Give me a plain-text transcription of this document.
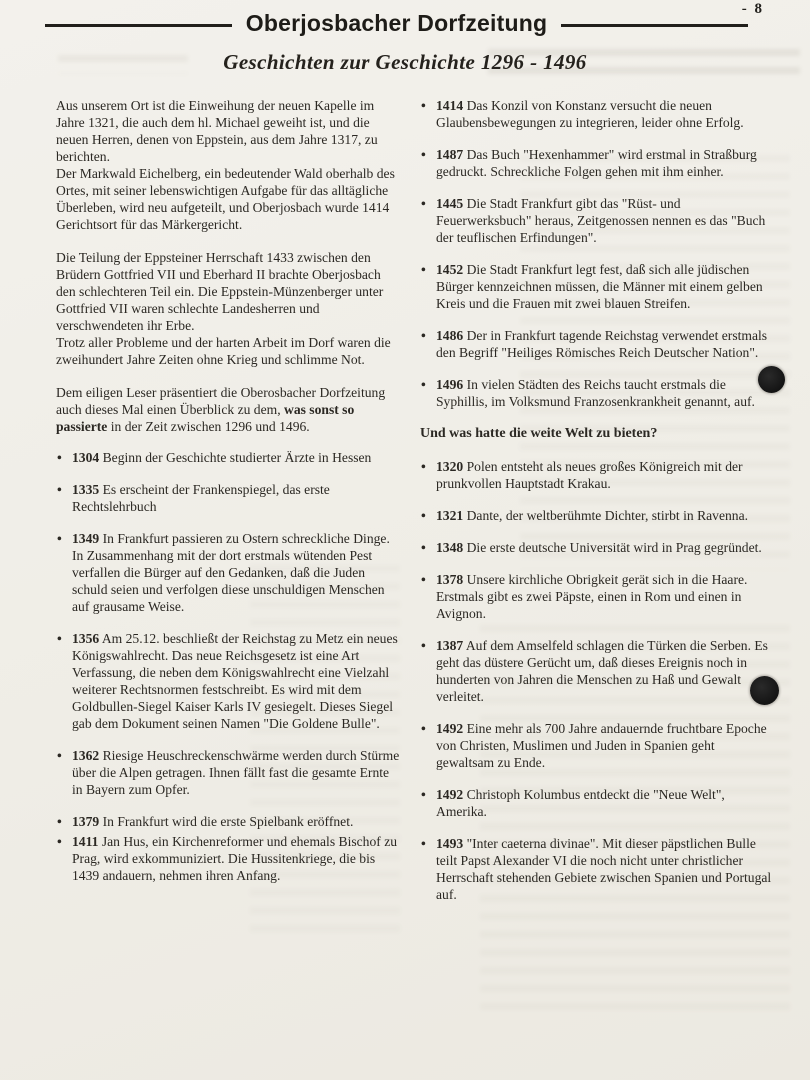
- 8
Oberjosbacher Dorfzeitung
Geschichten zur Geschichte 1296 - 1496

Aus unserem Ort ist die Einweihung der neuen Kapelle im Jahre 1321, die auch dem hl. Michael geweiht ist, und die neuen Herren, denen von Eppstein, aus dem Jahre 1317, zu berichten.

Der Markwald Eichelberg, ein bedeutender Wald oberhalb des Ortes, mit seiner lebenswichtigen Aufgabe für das alltägliche Überleben, wird neu aufgeteilt, und Oberjosbach wurde 1414 Gerichtsort für das Märkergericht.

Die Teilung der Eppsteiner Herrschaft 1433 zwischen den Brüdern Gottfried VII und Eberhard II brachte Oberjosbach den schlechteren Teil ein. Die Eppstein-Münzenberger unter Gottfried VII waren schlechte Landesherren und verschwendeten ihr Erbe.

Trotz aller Probleme und der harten Arbeit im Dorf waren die zweihundert Jahre Zeiten ohne Krieg und schlimme Not.

Dem eiligen Leser präsentiert die Oberosbacher Dorfzeitung auch dieses Mal einen Überblick zu dem, was sonst so passierte in der Zeit zwischen 1296 und 1496.

• 1304 Beginn der Geschichte studierter Ärzte in Hessen
• 1335 Es erscheint der Frankenspiegel, das erste Rechtslehrbuch
• 1349 In Frankfurt passieren zu Ostern schreckliche Dinge. In Zusammenhang mit der dort erstmals wütenden Pest verfallen die Bürger auf den Gedanken, daß die Juden schuld seien und verfolgen diese unschuldigen Menschen auf grausame Weise.
• 1356 Am 25.12. beschließt der Reichstag zu Metz ein neues Königswahlrecht. Das neue Reichsgesetz ist eine Art Verfassung, die neben dem Königswahlrecht eine Vielzahl weiterer Rechtsnormen festschreibt. Es wird mit dem Goldbullen-Siegel Kaiser Karls IV gesiegelt. Dieses Siegel gab dem Dokument seinen Namen "Die Goldene Bulle".
• 1362 Riesige Heuschreckenschwärme werden durch Stürme über die Alpen getragen. Ihnen fällt fast die gesamte Ernte in Bayern zum Opfer.
• 1379 In Frankfurt wird die erste Spielbank eröffnet.
• 1411 Jan Hus, ein Kirchenreformer und ehemals Bischof zu Prag, wird exkommuniziert. Die Hussitenkriege, die bis 1439 andauern, nehmen ihren Anfang.
• 1414 Das Konzil von Konstanz versucht die neuen Glaubensbewegungen zu integrieren, leider ohne Erfolg.
• 1487 Das Buch "Hexenhammer" wird erstmal in Straßburg gedruckt. Schreckliche Folgen gehen mit ihm einher.
• 1445 Die Stadt Frankfurt gibt das "Rüst- und Feuerwerksbuch" heraus, Zeitgenossen nennen es das "Buch der teuflischen Erfindungen".
• 1452 Die Stadt Frankfurt legt fest, daß sich alle jüdischen Bürger kennzeichnen müssen, die Männer mit einem gelben Kreis und die Frauen mit zwei blauen Streifen.
• 1486 Der in Frankfurt tagende Reichstag verwendet erstmals den Begriff "Heiliges Römisches Reich Deutscher Nation".
• 1496 In vielen Städten des Reichs taucht erstmals die Syphillis, im Volksmund Franzosenkrankheit genannt, auf.
Und was hatte die weite Welt zu bieten?
• 1320 Polen entsteht als neues großes Königreich mit der prunkvollen Hauptstadt Krakau.
• 1321 Dante, der weltberühmte Dichter, stirbt in Ravenna.
• 1348 Die erste deutsche Universität wird in Prag gegründet.
• 1378 Unsere kirchliche Obrigkeit gerät sich in die Haare. Erstmals gibt es zwei Päpste, einen in Rom und einen in Avignon.
• 1387 Auf dem Amselfeld schlagen die Türken die Serben. Es geht das düstere Gerücht um, daß dieses Ereignis noch in hunderten von Jahren die Menschen zu Haß und Gewalt verleitet.
• 1492 Eine mehr als 700 Jahre andauernde fruchtbare Epoche von Christen, Muslimen und Juden in Spanien geht gewaltsam zu Ende.
• 1492 Christoph Kolumbus entdeckt die "Neue Welt", Amerika.
• 1493 "Inter caeterna divinae". Mit dieser päpstlichen Bulle teilt Papst Alexander VI die noch nicht unter christlicher Herrschaft stehenden Gebiete zwischen Spanien und Portugal auf.
